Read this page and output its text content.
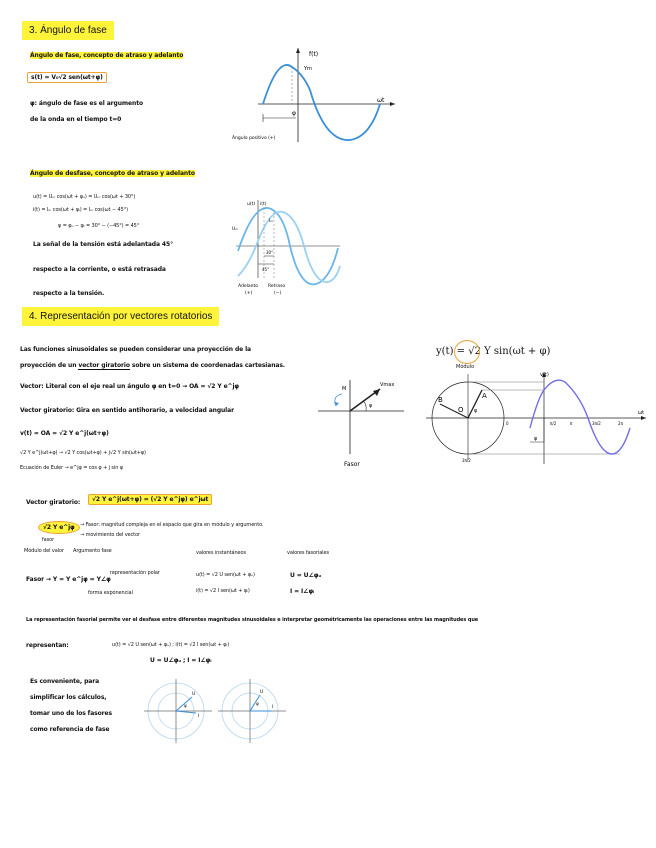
3. Ángulo de fase
Ángulo de fase, concepto de atraso y adelanto
s(t) = V₀√2 sen(ωt+φ)
φ: ángulo de fase es el argumento
de la onda en el tiempo t=0
f(t)
Ym
ωt
φ
Ángulo positivo (+)
Ángulo de desfase, concepto de atraso y adelanto
u(t) = Uₘ cos(ωt + φᵤ) = Uₘ cos(ωt + 30°)
i(t) = Iₘ cos(ωt + φᵢ) = Iₘ cos(ωt − 45°)
ψ = φᵤ − φᵢ = 30° − (−45°) = 45°
La señal de la tensión está adelantada 45°
respecto a la corriente, o está retrasada
respecto a la tensión.
u(t) i(t)
Uₘ
Iₘ
30°
45°
Adelanto
(+)
Retraso
(−)
4. Representación por vectores rotatorios
Las funciones sinusoidales se pueden considerar una proyección de la
proyección de un vector giratorio sobre un sistema de coordenadas cartesianas.
Vector: Literal con el eje real un ángulo φ en t=0 → OA = √2 Y e^jφ
Vector giratorio: Gira en sentido antihorario, a velocidad angular
v(t) = OA = √2 Y e^j(ωt+φ)
√2 Y e^j(ωt+φ) → √2 Y cos(ωt+φ) + j√2 Y sin(ωt+φ)
Ecuación de Euler → e^jφ = cos φ + j sin φ
M
Vmax
φ
Fasor
y(t) = √2 Y sin(ωt + φ)
Módulo
v(t)
ωt
A
B
O φ
φ
π
π/2	3π/2	2π
0
3π/2
Vector giratorio:	√2 Y e^j(ωt+φ) = (√2 Y e^jφ) e^jωt
√2 Y e^jφ
fasor
→ Fasor: magnitud compleja en el espacio que gira en módulo y argumento.
→ movimiento del vector
Módulo del valor Argumento fase	valores instantáneos	valores fasoriales
Fasor → Y = Y e^jφ = Y∠φ
representación polar
forma exponencial
u(t) = √2 U sen(ωt + φᵤ)
i(t) = √2 I sen(ωt + φᵢ)
U = U∠φᵤ
I = I∠φᵢ
La representación fasorial permite ver el desfase entre diferentes magnitudes sinusoidales e interpretar geométricamente las operaciones entre las magnitudes que
representan:	u(t) = √2 U sen(ωt + φᵤ) ; i(t) = √2 I sen(ωt + φᵢ)
U = U∠φᵤ ; I = I∠φᵢ
Es conveniente, para
simplificar los cálculos,
tomar uno de los fasores
como referencia de fase
U
I
ψ
U
I
ψ
